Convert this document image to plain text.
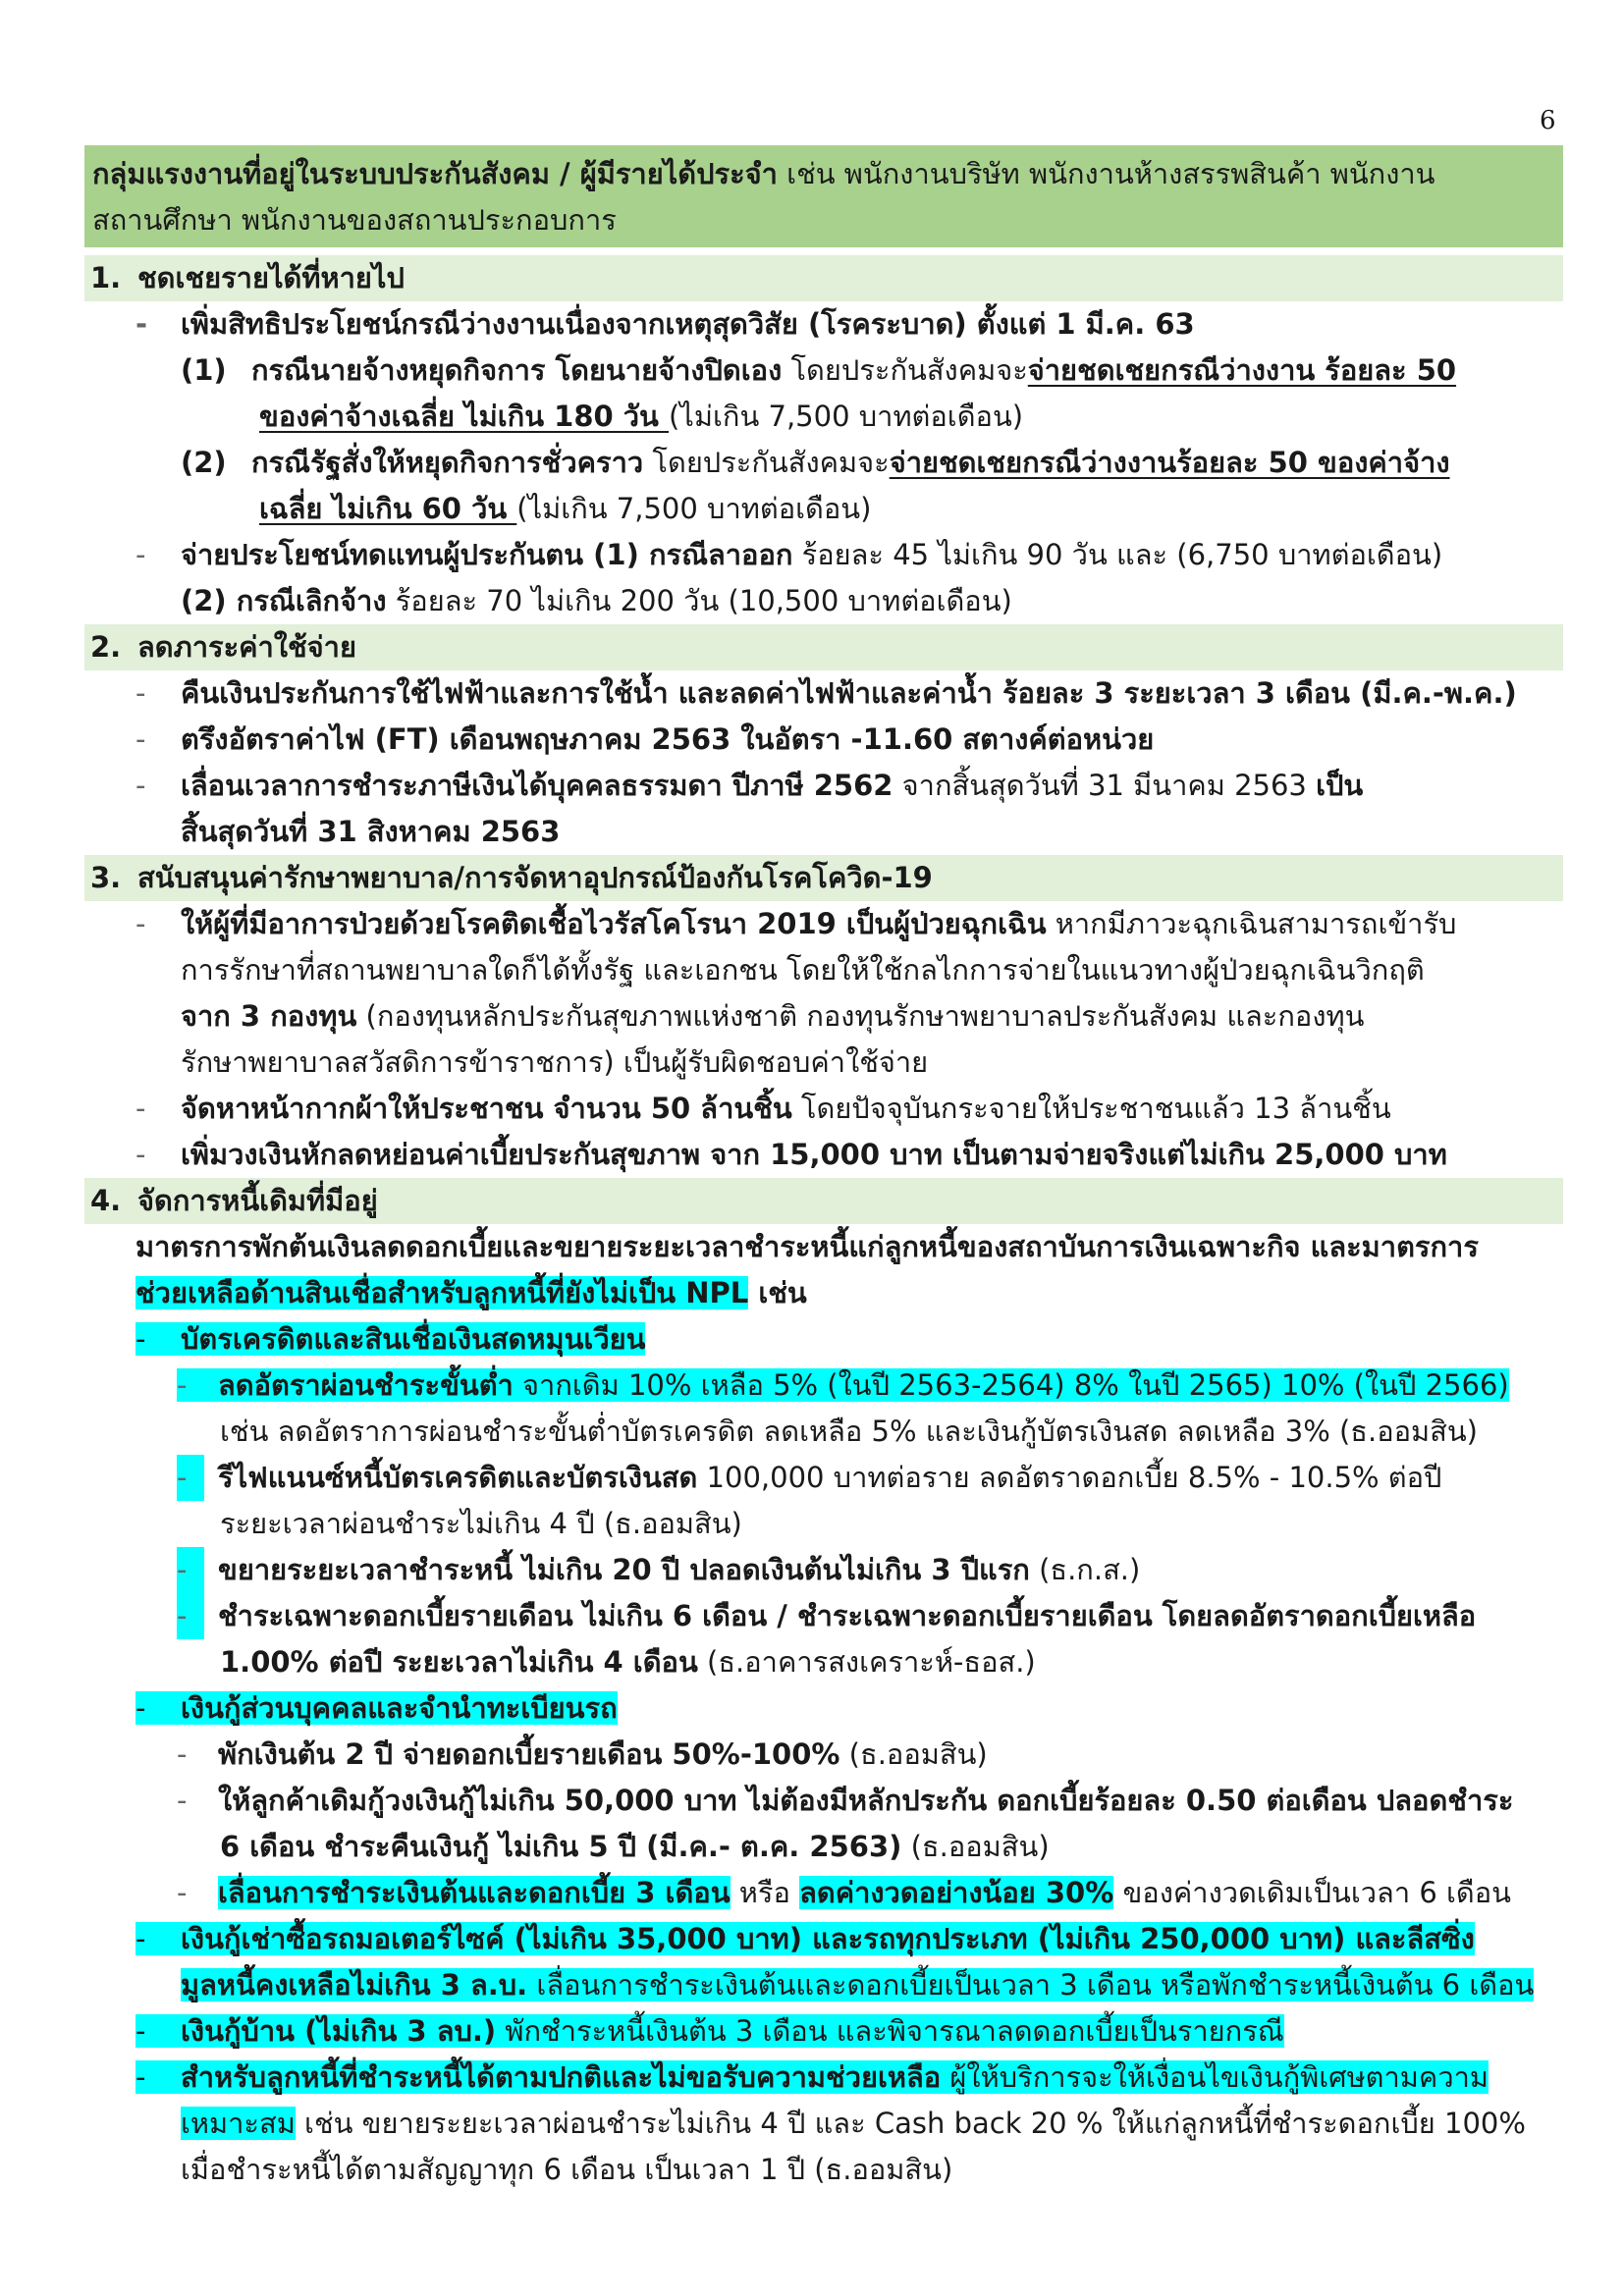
6
กลุ่มแรงงานที่อยู่ในระบบประกันสังคม / ผู้มีรายได้ประจำ เช่น พนักงานบริษัท พนักงานห้างสรรพสินค้า พนักงาน
สถานศึกษา พนักงานของสถานประกอบการ
1. ชดเชยรายได้ที่หายไป
- เพิ่มสิทธิประโยชน์กรณีว่างงานเนื่องจากเหตุสุดวิสัย (โรคระบาด) ตั้งแต่ 1 มี.ค. 63
(1) กรณีนายจ้างหยุดกิจการ โดยนายจ้างปิดเอง โดยประกันสังคมจะจ่ายชดเชยกรณีว่างงาน ร้อยละ 50
ของค่าจ้างเฉลี่ย ไม่เกิน 180 วัน (ไม่เกิน 7,500 บาทต่อเดือน)
(2) กรณีรัฐสั่งให้หยุดกิจการชั่วคราว โดยประกันสังคมจะจ่ายชดเชยกรณีว่างงานร้อยละ 50 ของค่าจ้าง
เฉลี่ย ไม่เกิน 60 วัน (ไม่เกิน 7,500 บาทต่อเดือน)
- จ่ายประโยชน์ทดแทนผู้ประกันตน (1) กรณีลาออก ร้อยละ 45 ไม่เกิน 90 วัน และ (6,750 บาทต่อเดือน)
(2) กรณีเลิกจ้าง ร้อยละ 70 ไม่เกิน 200 วัน (10,500 บาทต่อเดือน)
2. ลดภาระค่าใช้จ่าย
- คืนเงินประกันการใช้ไฟฟ้าและการใช้น้ำ และลดค่าไฟฟ้าและค่าน้ำ ร้อยละ 3 ระยะเวลา 3 เดือน (มี.ค.-พ.ค.)
- ตรึงอัตราค่าไฟ (FT) เดือนพฤษภาคม 2563 ในอัตรา -11.60 สตางค์ต่อหน่วย
- เลื่อนเวลาการชำระภาษีเงินได้บุคคลธรรมดา ปีภาษี 2562 จากสิ้นสุดวันที่ 31 มีนาคม 2563 เป็น
สิ้นสุดวันที่ 31 สิงหาคม 2563
3. สนับสนุนค่ารักษาพยาบาล/การจัดหาอุปกรณ์ป้องกันโรคโควิด-19
- ให้ผู้ที่มีอาการป่วยด้วยโรคติดเชื้อไวรัสโคโรนา 2019 เป็นผู้ป่วยฉุกเฉิน หากมีภาวะฉุกเฉินสามารถเข้ารับ
การรักษาที่สถานพยาบาลใดก็ได้ทั้งรัฐ และเอกชน โดยให้ใช้กลไกการจ่ายในแนวทางผู้ป่วยฉุกเฉินวิกฤติ
จาก 3 กองทุน (กองทุนหลักประกันสุขภาพแห่งชาติ กองทุนรักษาพยาบาลประกันสังคม และกองทุน
รักษาพยาบาลสวัสดิการข้าราชการ) เป็นผู้รับผิดชอบค่าใช้จ่าย
- จัดหาหน้ากากผ้าให้ประชาชน จำนวน 50 ล้านชิ้น โดยปัจจุบันกระจายให้ประชาชนแล้ว 13 ล้านชิ้น
- เพิ่มวงเงินหักลดหย่อนค่าเบี้ยประกันสุขภาพ จาก 15,000 บาท เป็นตามจ่ายจริงแต่ไม่เกิน 25,000 บาท
4. จัดการหนี้เดิมที่มีอยู่
มาตรการพักต้นเงินลดดอกเบี้ยและขยายระยะเวลาชำระหนี้แก่ลูกหนี้ของสถาบันการเงินเฉพาะกิจ และมาตรการ
ช่วยเหลือด้านสินเชื่อสำหรับลูกหนี้ที่ยังไม่เป็น NPL เช่น
- บัตรเครดิตและสินเชื่อเงินสดหมุนเวียน
- ลดอัตราผ่อนชำระขั้นต่ำ จากเดิม 10% เหลือ 5% (ในปี 2563-2564) 8% ในปี 2565) 10% (ในปี 2566)
เช่น ลดอัตราการผ่อนชำระขั้นต่ำบัตรเครดิต ลดเหลือ 5% และเงินกู้บัตรเงินสด ลดเหลือ 3% (ธ.ออมสิน)
- รีไฟแนนซ์หนี้บัตรเครดิตและบัตรเงินสด 100,000 บาทต่อราย ลดอัตราดอกเบี้ย 8.5% - 10.5% ต่อปี
ระยะเวลาผ่อนชำระไม่เกิน 4 ปี (ธ.ออมสิน)
- ขยายระยะเวลาชำระหนี้ ไม่เกิน 20 ปี ปลอดเงินต้นไม่เกิน 3 ปีแรก (ธ.ก.ส.)
- ชำระเฉพาะดอกเบี้ยรายเดือน ไม่เกิน 6 เดือน / ชำระเฉพาะดอกเบี้ยรายเดือน โดยลดอัตราดอกเบี้ยเหลือ
1.00% ต่อปี ระยะเวลาไม่เกิน 4 เดือน (ธ.อาคารสงเคราะห์-ธอส.)
- เงินกู้ส่วนบุคคลและจำนำทะเบียนรถ
- พักเงินต้น 2 ปี จ่ายดอกเบี้ยรายเดือน 50%-100% (ธ.ออมสิน)
- ให้ลูกค้าเดิมกู้วงเงินกู้ไม่เกิน 50,000 บาท ไม่ต้องมีหลักประกัน ดอกเบี้ยร้อยละ 0.50 ต่อเดือน ปลอดชำระ
6 เดือน ชำระคืนเงินกู้ ไม่เกิน 5 ปี (มี.ค.- ต.ค. 2563) (ธ.ออมสิน)
- เลื่อนการชำระเงินต้นและดอกเบี้ย 3 เดือน หรือ ลดค่างวดอย่างน้อย 30% ของค่างวดเดิมเป็นเวลา 6 เดือน
- เงินกู้เช่าซื้อรถมอเตอร์ไซค์ (ไม่เกิน 35,000 บาท) และรถทุกประเภท (ไม่เกิน 250,000 บาท) และลีสซิ่ง
มูลหนี้คงเหลือไม่เกิน 3 ล.บ. เลื่อนการชำระเงินต้นและดอกเบี้ยเป็นเวลา 3 เดือน หรือพักชำระหนี้เงินต้น 6 เดือน
- เงินกู้บ้าน (ไม่เกิน 3 ลบ.) พักชำระหนี้เงินต้น 3 เดือน และพิจารณาลดดอกเบี้ยเป็นรายกรณี
- สำหรับลูกหนี้ที่ชำระหนี้ได้ตามปกติและไม่ขอรับความช่วยเหลือ ผู้ให้บริการจะให้เงื่อนไขเงินกู้พิเศษตามความ
เหมาะสม เช่น ขยายระยะเวลาผ่อนชำระไม่เกิน 4 ปี และ Cash back 20 % ให้แก่ลูกหนี้ที่ชำระดอกเบี้ย 100%
เมื่อชำระหนี้ได้ตามสัญญาทุก 6 เดือน เป็นเวลา 1 ปี (ธ.ออมสิน)
